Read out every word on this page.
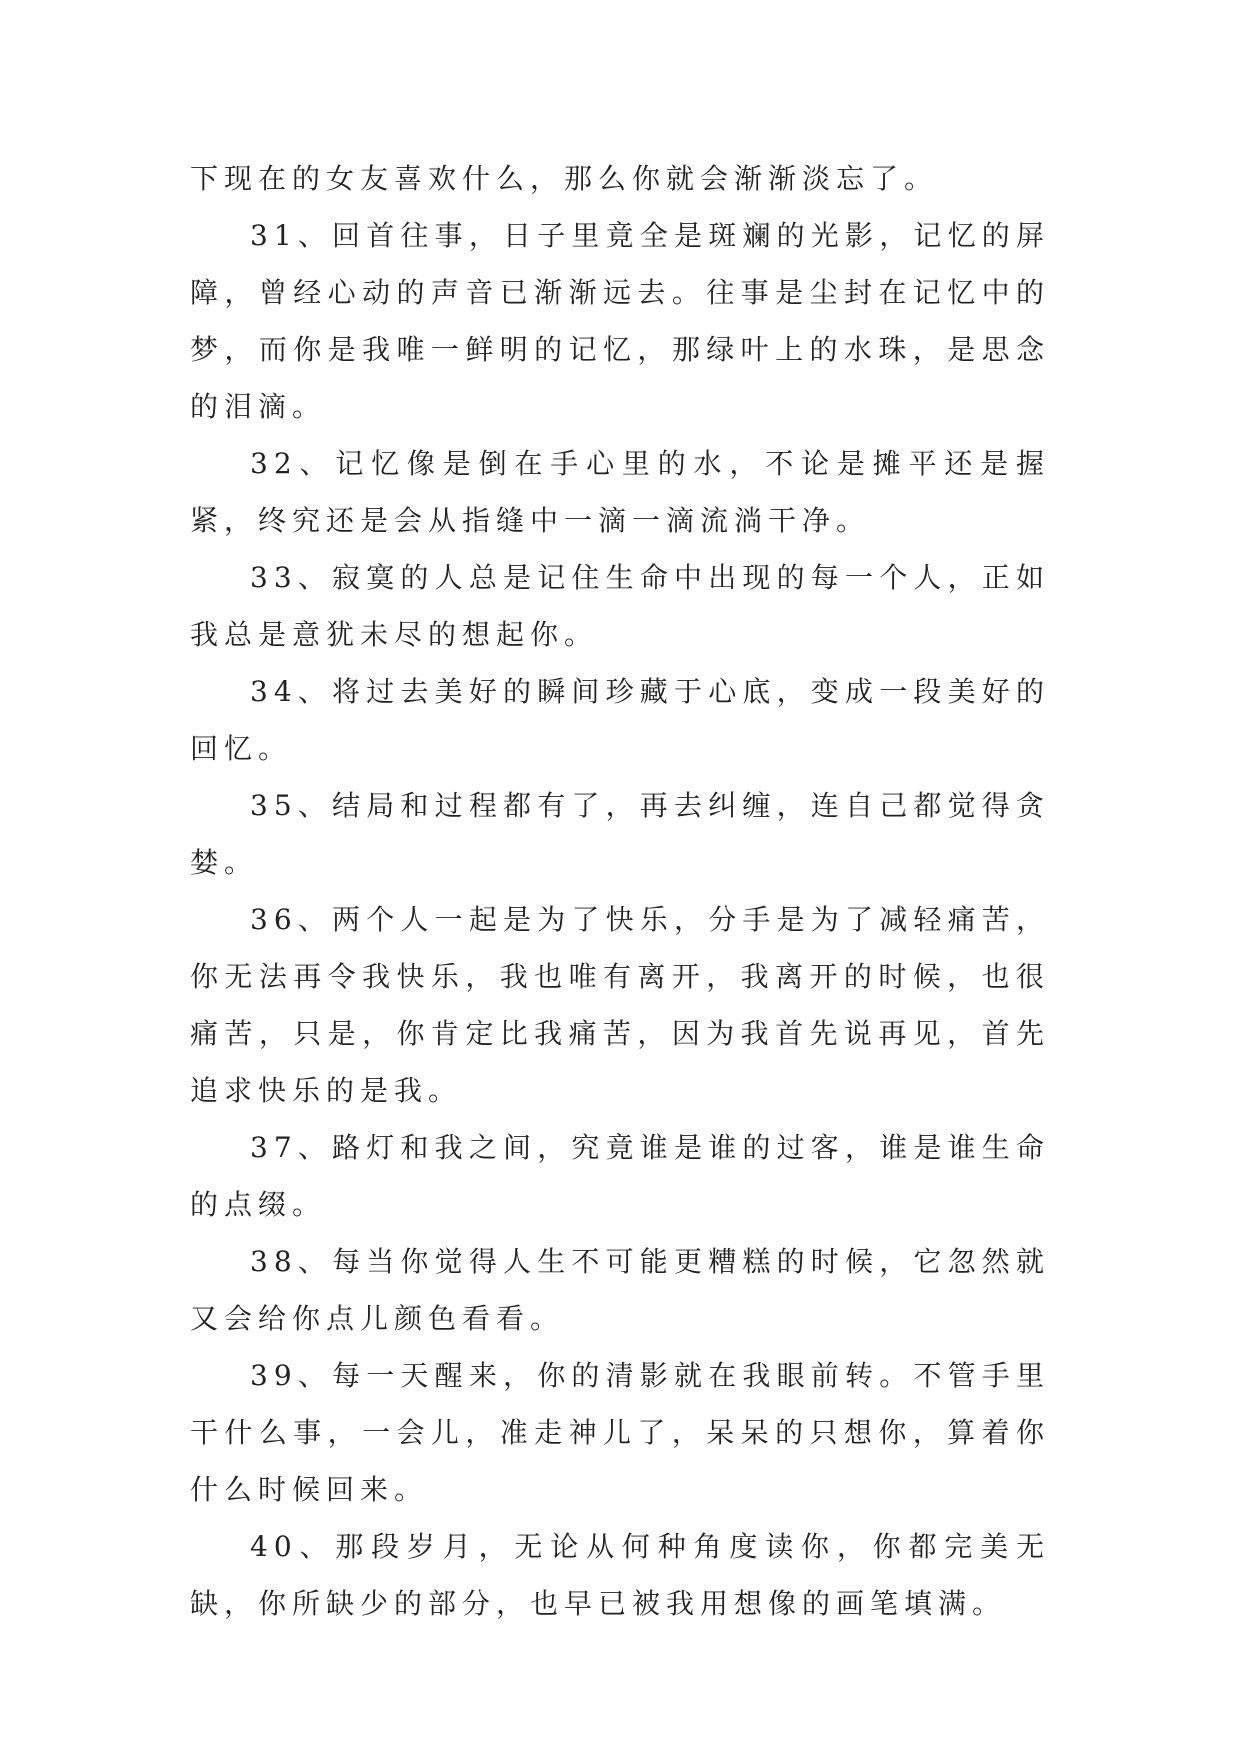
下现在的女友喜欢什么，那么你就会渐渐淡忘了。

31、回首往事，日子里竟全是斑斓的光影，记忆的屏障，曾经心动的声音已渐渐远去。往事是尘封在记忆中的梦，而你是我唯一鲜明的记忆，那绿叶上的水珠，是思念的泪滴。

32、记忆像是倒在手心里的水，不论是摊平还是握紧，终究还是会从指缝中一滴一滴流淌干净。

33、寂寞的人总是记住生命中出现的每一个人，正如我总是意犹未尽的想起你。

34、将过去美好的瞬间珍藏于心底，变成一段美好的回忆。

35、结局和过程都有了，再去纠缠，连自己都觉得贪婪。

36、两个人一起是为了快乐，分手是为了减轻痛苦，你无法再令我快乐，我也唯有离开，我离开的时候，也很痛苦，只是，你肯定比我痛苦，因为我首先说再见，首先追求快乐的是我。

37、路灯和我之间，究竟谁是谁的过客，谁是谁生命的点缀。

38、每当你觉得人生不可能更糟糕的时候，它忽然就又会给你点儿颜色看看。

39、每一天醒来，你的清影就在我眼前转。不管手里干什么事，一会儿，准走神儿了，呆呆的只想你，算着你什么时候回来。

40、那段岁月，无论从何种角度读你，你都完美无缺，你所缺少的部分，也早已被我用想像的画笔填满。
